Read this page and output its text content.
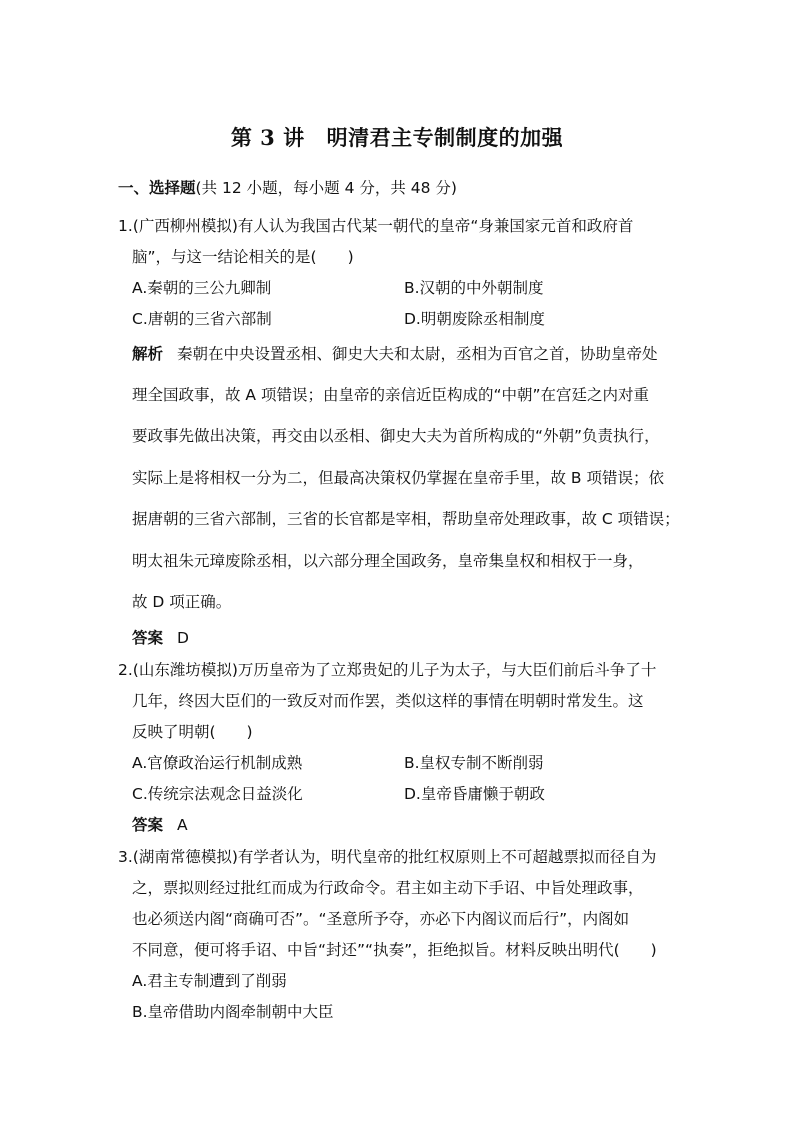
第 3 讲 明清君主专制制度的加强
一、选择题(共 12 小题，每小题 4 分，共 48 分)
1.(广西柳州模拟)有人认为我国古代某一朝代的皇帝“身兼国家元首和政府首
脑”，与这一结论相关的是(　　)
A.秦朝的三公九卿制	B.汉朝的中外朝制度
C.唐朝的三省六部制	D.明朝废除丞相制度
解析 秦朝在中央设置丞相、御史大夫和太尉，丞相为百官之首，协助皇帝处
理全国政事，故 A 项错误；由皇帝的亲信近臣构成的“中朝”在宫廷之内对重
要政事先做出决策，再交由以丞相、御史大夫为首所构成的“外朝”负责执行，
实际上是将相权一分为二，但最高决策权仍掌握在皇帝手里，故 B 项错误；依
据唐朝的三省六部制，三省的长官都是宰相，帮助皇帝处理政事，故 C 项错误；
明太祖朱元璋废除丞相，以六部分理全国政务，皇帝集皇权和相权于一身，
故 D 项正确。
答案 D
2.(山东潍坊模拟)万历皇帝为了立郑贵妃的儿子为太子，与大臣们前后斗争了十
几年，终因大臣们的一致反对而作罢，类似这样的事情在明朝时常发生。这
反映了明朝(　　)
A.官僚政治运行机制成熟	B.皇权专制不断削弱
C.传统宗法观念日益淡化	D.皇帝昏庸懒于朝政
答案 A
3.(湖南常德模拟)有学者认为，明代皇帝的批红权原则上不可超越票拟而径自为
之，票拟则经过批红而成为行政命令。君主如主动下手诏、中旨处理政事，
也必须送内阁“商确可否”。“圣意所予夺，亦必下内阁议而后行”，内阁如
不同意，便可将手诏、中旨“封还”“执奏”，拒绝拟旨。材料反映出明代(　　)
A.君主专制遭到了削弱
B.皇帝借助内阁牵制朝中大臣
